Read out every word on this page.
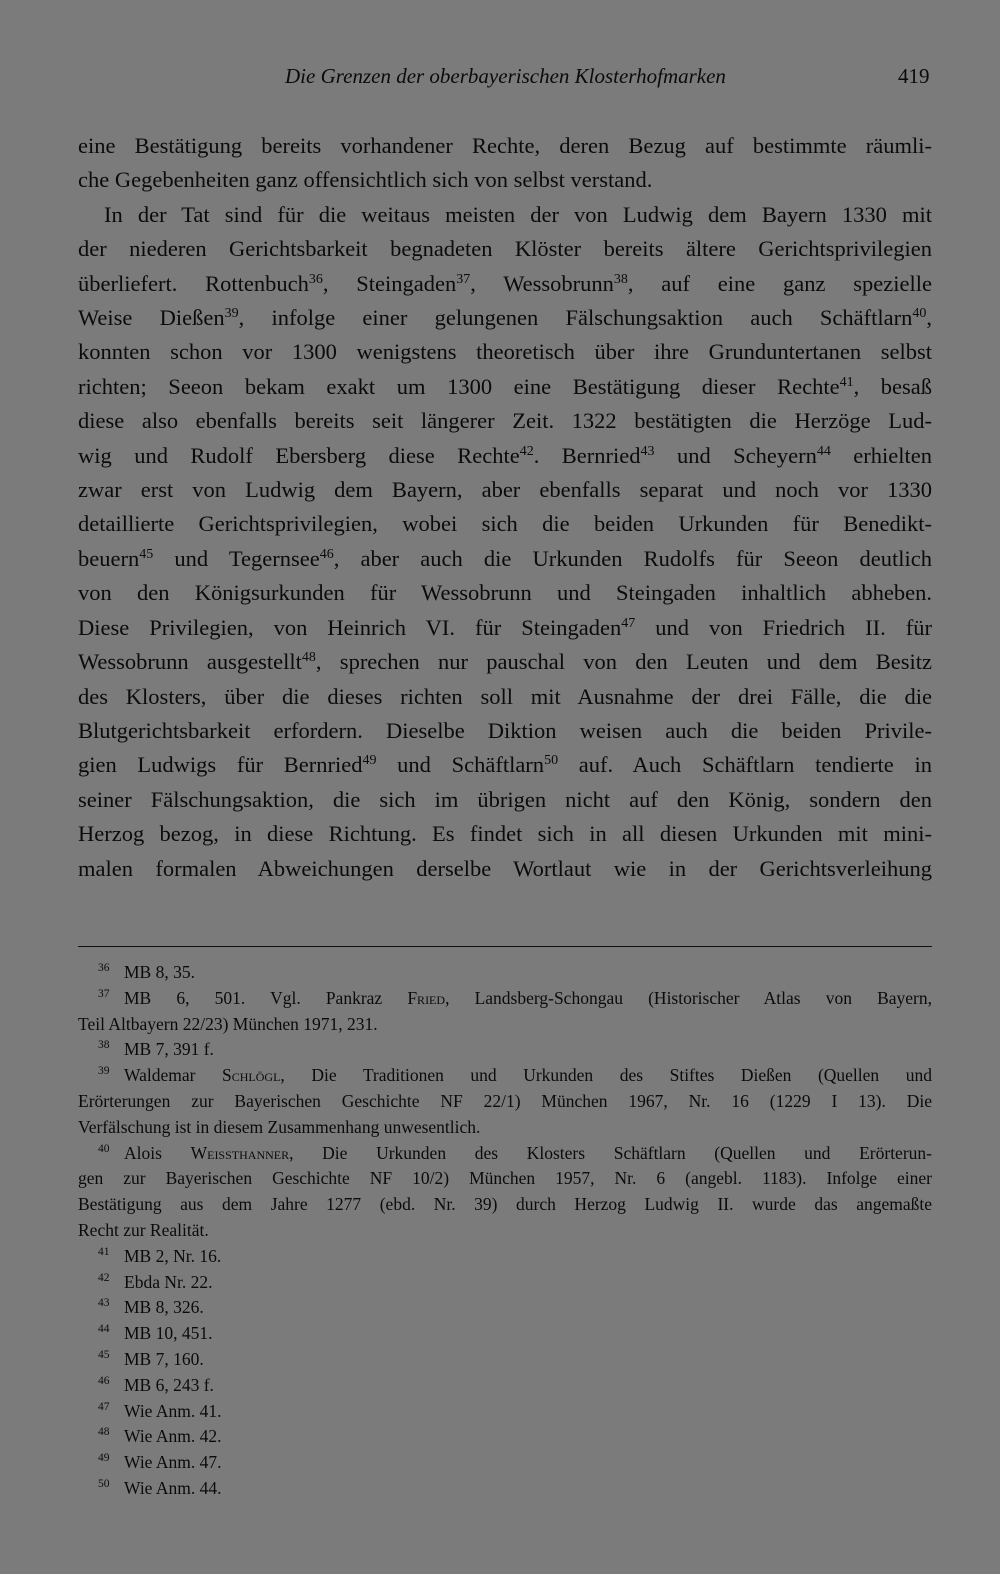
Die Grenzen der oberbayerischen Klosterhofmarken	419
eine Bestätigung bereits vorhandener Rechte, deren Bezug auf bestimmte räumli-
che Gegebenheiten ganz offensichtlich sich von selbst verstand.
In der Tat sind für die weitaus meisten der von Ludwig dem Bayern 1330 mit
der niederen Gerichtsbarkeit begnadeten Klöster bereits ältere Gerichtsprivilegien
überliefert. Rottenbuch$^{36}$, Steingaden$^{37}$, Wessobrunn$^{38}$, auf eine ganz spezielle
Weise Dießen$^{39}$, infolge einer gelungenen Fälschungsaktion auch Schäftlarn$^{40}$,
konnten schon vor 1300 wenigstens theoretisch über ihre Grunduntertanen selbst
richten; Seeon bekam exakt um 1300 eine Bestätigung dieser Rechte$^{41}$, besaß
diese also ebenfalls bereits seit längerer Zeit. 1322 bestätigten die Herzöge Lud-
wig und Rudolf Ebersberg diese Rechte$^{42}$. Bernried$^{43}$ und Scheyern$^{44}$ erhielten
zwar erst von Ludwig dem Bayern, aber ebenfalls separat und noch vor 1330
detaillierte Gerichtsprivilegien, wobei sich die beiden Urkunden für Benedikt-
beuern$^{45}$ und Tegernsee$^{46}$, aber auch die Urkunden Rudolfs für Seeon deutlich
von den Königsurkunden für Wessobrunn und Steingaden inhaltlich abheben.
Diese Privilegien, von Heinrich VI. für Steingaden$^{47}$ und von Friedrich II. für
Wessobrunn ausgestellt$^{48}$, sprechen nur pauschal von den Leuten und dem Besitz
des Klosters, über die dieses richten soll mit Ausnahme der drei Fälle, die die
Blutgerichtsbarkeit erfordern. Dieselbe Diktion weisen auch die beiden Privile-
gien Ludwigs für Bernried$^{49}$ und Schäftlarn$^{50}$ auf. Auch Schäftlarn tendierte in
seiner Fälschungsaktion, die sich im übrigen nicht auf den König, sondern den
Herzog bezog, in diese Richtung. Es findet sich in all diesen Urkunden mit mini-
malen formalen Abweichungen derselbe Wortlaut wie in der Gerichtsverleihung
36 MB 8, 35.
37 MB 6, 501. Vgl. Pankraz Fried, Landsberg-Schongau (Historischer Atlas von Bayern,
Teil Altbayern 22/23) München 1971, 231.
38 MB 7, 391 f.
39 Waldemar Schlögl, Die Traditionen und Urkunden des Stiftes Dießen (Quellen und
Erörterungen zur Bayerischen Geschichte NF 22/1) München 1967, Nr. 16 (1229 I 13). Die
Verfälschung ist in diesem Zusammenhang unwesentlich.
40 Alois Weissthanner, Die Urkunden des Klosters Schäftlarn (Quellen und Erörterun-
gen zur Bayerischen Geschichte NF 10/2) München 1957, Nr. 6 (angebl. 1183). Infolge einer
Bestätigung aus dem Jahre 1277 (ebd. Nr. 39) durch Herzog Ludwig II. wurde das angemaßte
Recht zur Realität.
41 MB 2, Nr. 16.
42 Ebda Nr. 22.
43 MB 8, 326.
44 MB 10, 451.
45 MB 7, 160.
46 MB 6, 243 f.
47 Wie Anm. 41.
48 Wie Anm. 42.
49 Wie Anm. 47.
50 Wie Anm. 44.
